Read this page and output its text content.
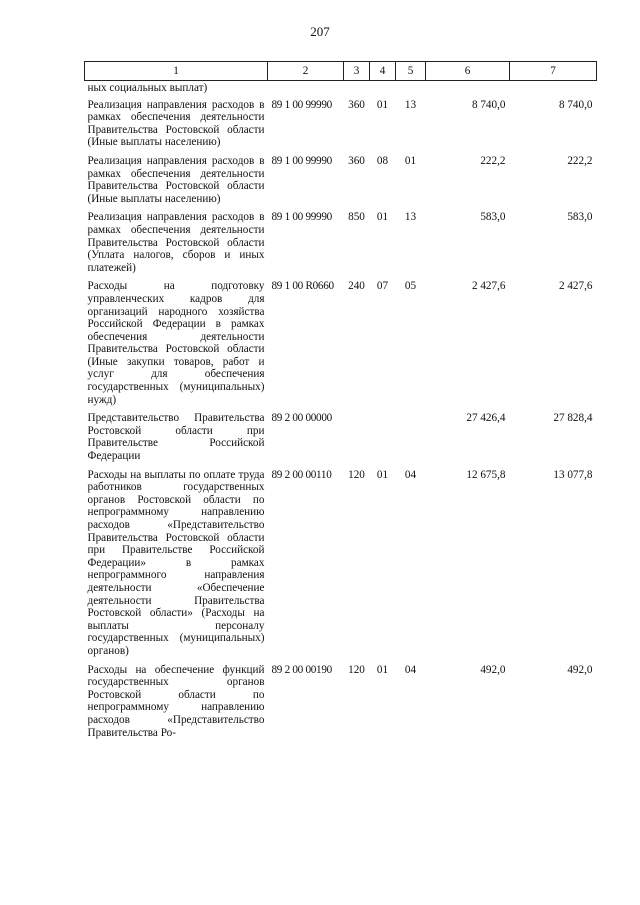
207
1	2	3	4	5	6	7
ных социальных выплат)						
Реализация направления расходов в рамках обеспечения деятельности Правительства Ростовской области (Иные выплаты населению)	89 1 00 99990	360	01	13	8 740,0	8 740,0
Реализация направления расходов в рамках обеспечения деятельности Правительства Ростовской области (Иные выплаты населению)	89 1 00 99990	360	08	01	222,2	222,2
Реализация направления расходов в рамках обеспечения деятельности Правительства Ростовской области (Уплата налогов, сборов и иных платежей)	89 1 00 99990	850	01	13	583,0	583,0
Расходы на подготовку управленческих кадров для организаций народного хозяйства Российской Федерации в рамках обеспечения деятельности Правительства Ростовской области (Иные закупки товаров, работ и услуг для обеспечения государственных (муниципальных) нужд)	89 1 00 R0660	240	07	05	2 427,6	2 427,6
Представительство Правительства Ростовской области при Правительстве Российской Федерации	89 2 00 00000				27 426,4	27 828,4
Расходы на выплаты по оплате труда работников государственных органов Ростовской области по непрограммному направлению расходов «Представительство Правительства Ростовской области при Правительстве Российской Федерации» в рамках непрограммного направления деятельности «Обеспечение деятельности Правительства Ростовской области» (Расходы на выплаты персоналу государственных (муниципальных) органов)	89 2 00 00110	120	01	04	12 675,8	13 077,8
Расходы на обеспечение функций государственных органов Ростовской области по непрограммному направлению расходов «Представительство Правительства Ро-	89 2 00 00190	120	01	04	492,0	492,0
